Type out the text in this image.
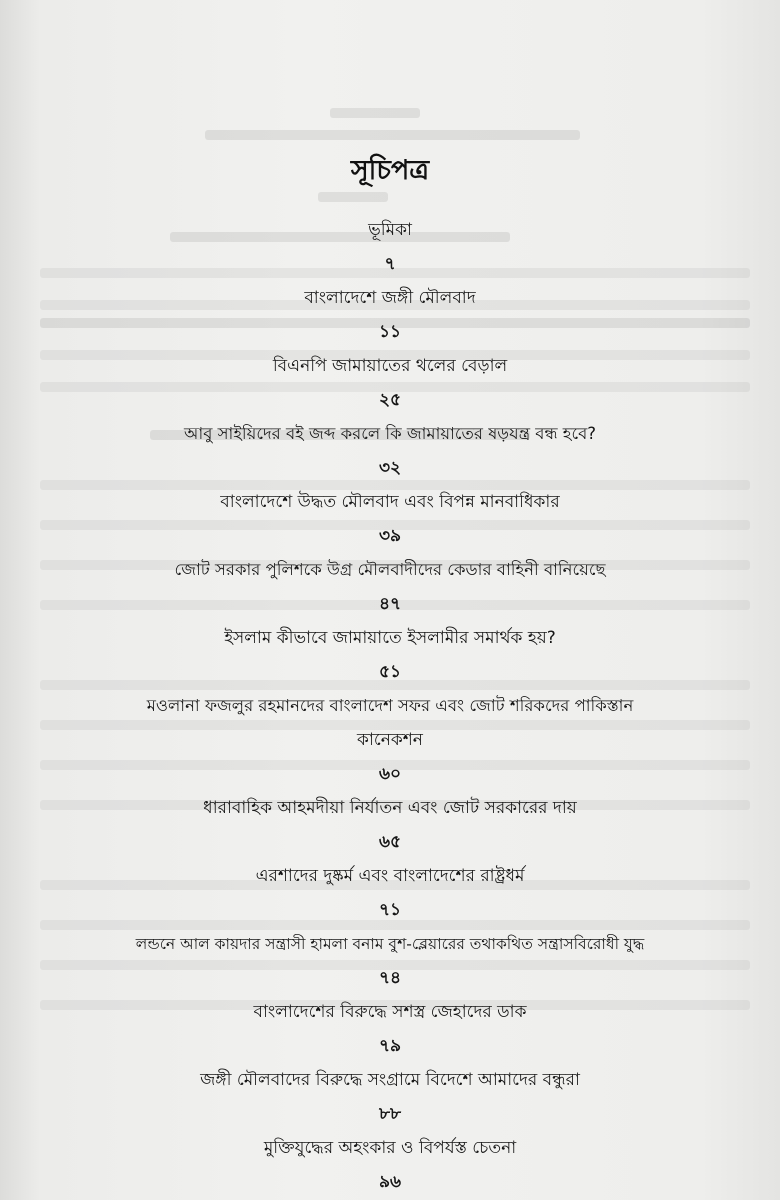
সূচিপত্র
ভূমিকা
৭
বাংলাদেশে জঙ্গী মৌলবাদ
১১
বিএনপি জামায়াতের থলের বেড়াল
২৫
আবু সাইয়িদের বই জব্দ করলে কি জামায়াতের ষড়যন্ত্র বন্ধ হবে?
৩২
বাংলাদেশে উদ্ধত মৌলবাদ এবং বিপন্ন মানবাধিকার
৩৯
জোট সরকার পুলিশকে উগ্র মৌলবাদীদের কেডার বাহিনী বানিয়েছে
৪৭
ইসলাম কীভাবে জামায়াতে ইসলামীর সমার্থক হয়?
৫১
মওলানা ফজলুর রহমানদের বাংলাদেশ সফর এবং জোট শরিকদের পাকিস্তান
কানেকশন
৬০
ধারাবাহিক আহমদীয়া নির্যাতন এবং জোট সরকারের দায়
৬৫
এরশাদের দুষ্কর্ম এবং বাংলাদেশের রাষ্ট্রধর্ম
৭১
লন্ডনে আল কায়দার সন্ত্রাসী হামলা বনাম বুশ-ব্লেয়ারের তথাকথিত সন্ত্রাসবিরোধী যুদ্ধ
৭৪
বাংলাদেশের বিরুদ্ধে সশস্ত্র জেহাদের ডাক
৭৯
জঙ্গী মৌলবাদের বিরুদ্ধে সংগ্রামে বিদেশে আমাদের বন্ধুরা
৮৮
মুক্তিযুদ্ধের অহংকার ও বিপর্যস্ত চেতনা
৯৬
